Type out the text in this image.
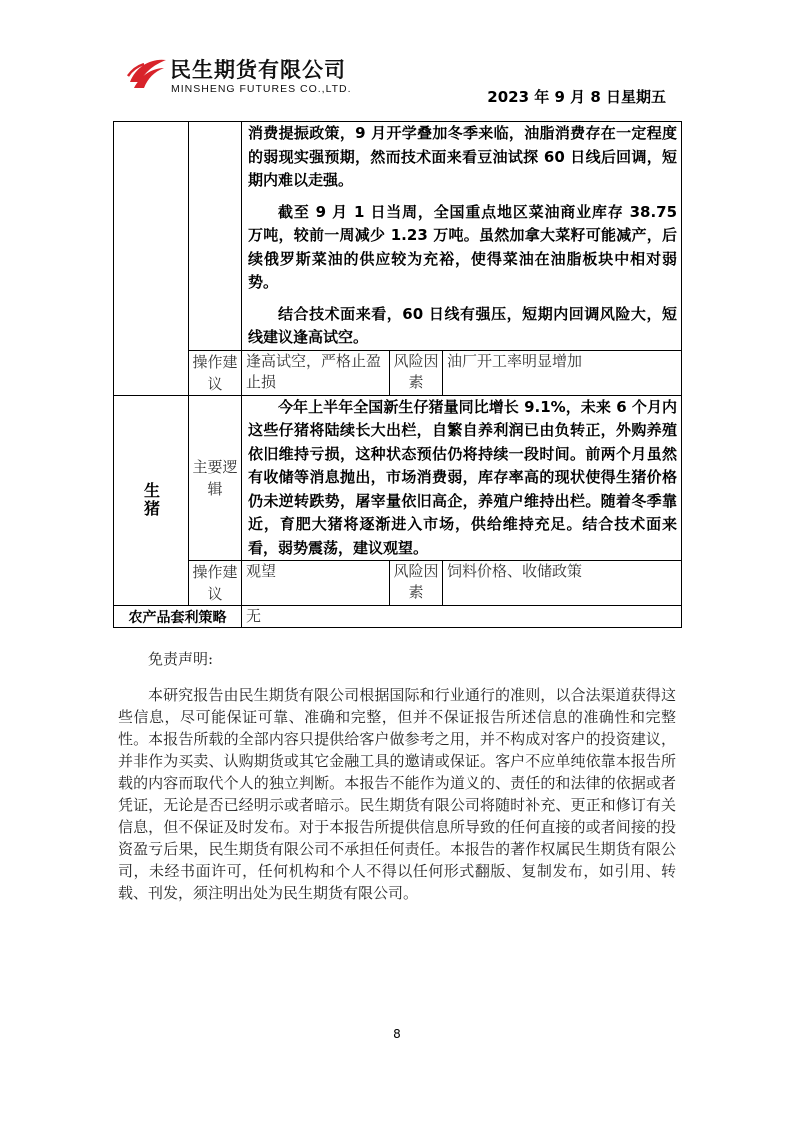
民生期货有限公司
MINSHENG FUTURES CO.,LTD.	2023 年 9 月 8 日星期五

		消费提振政策，9 月开学叠加冬季来临，油脂消费存在一定程度的弱现实强预期，然而技术面来看豆油试探 60 日线后回调，短期内难以走强。

截至 9 月 1 日当周，全国重点地区菜油商业库存 38.75 万吨，较前一周减少 1.23 万吨。虽然加拿大菜籽可能减产，后续俄罗斯菜油的供应较为充裕，使得菜油在油脂板块中相对弱势。

结合技术面来看，60 日线有强压，短期内回调风险大，短线建议逢高试空。		

	操作建议	逢高试空，严格止盈止损	风险因素	油厂开工率明显增加
生猪	主要逻辑	今年上半年全国新生仔猪量同比增长 9.1%，未来 6 个月内这些仔猪将陆续长大出栏，自繁自养利润已由负转正，外购养殖依旧维持亏损，这种状态预估仍将持续一段时间。前两个月虽然有收储等消息抛出，市场消费弱，库存率高的现状使得生猪价格仍未逆转跌势，屠宰量依旧高企，养殖户维持出栏。随着冬季靠近，育肥大猪将逐渐进入市场，供给维持充足。结合技术面来看，弱势震荡，建议观望。		

	操作建议	观望	风险因素	饲料价格、收储政策
农产品套利策略		无		

免责声明:

本研究报告由民生期货有限公司根据国际和行业通行的准则，以合法渠道获得这些信息，尽可能保证可靠、准确和完整，但并不保证报告所述信息的准确性和完整性。本报告所载的全部内容只提供给客户做参考之用，并不构成对客户的投资建议，并非作为买卖、认购期货或其它金融工具的邀请或保证。客户不应单纯依靠本报告所载的内容而取代个人的独立判断。本报告不能作为道义的、责任的和法律的依据或者凭证，无论是否已经明示或者暗示。民生期货有限公司将随时补充、更正和修订有关信息，但不保证及时发布。对于本报告所提供信息所导致的任何直接的或者间接的投资盈亏后果，民生期货有限公司不承担任何责任。本报告的著作权属民生期货有限公司，未经书面许可，任何机构和个人不得以任何形式翻版、复制发布，如引用、转载、刊发，须注明出处为民生期货有限公司。

8
